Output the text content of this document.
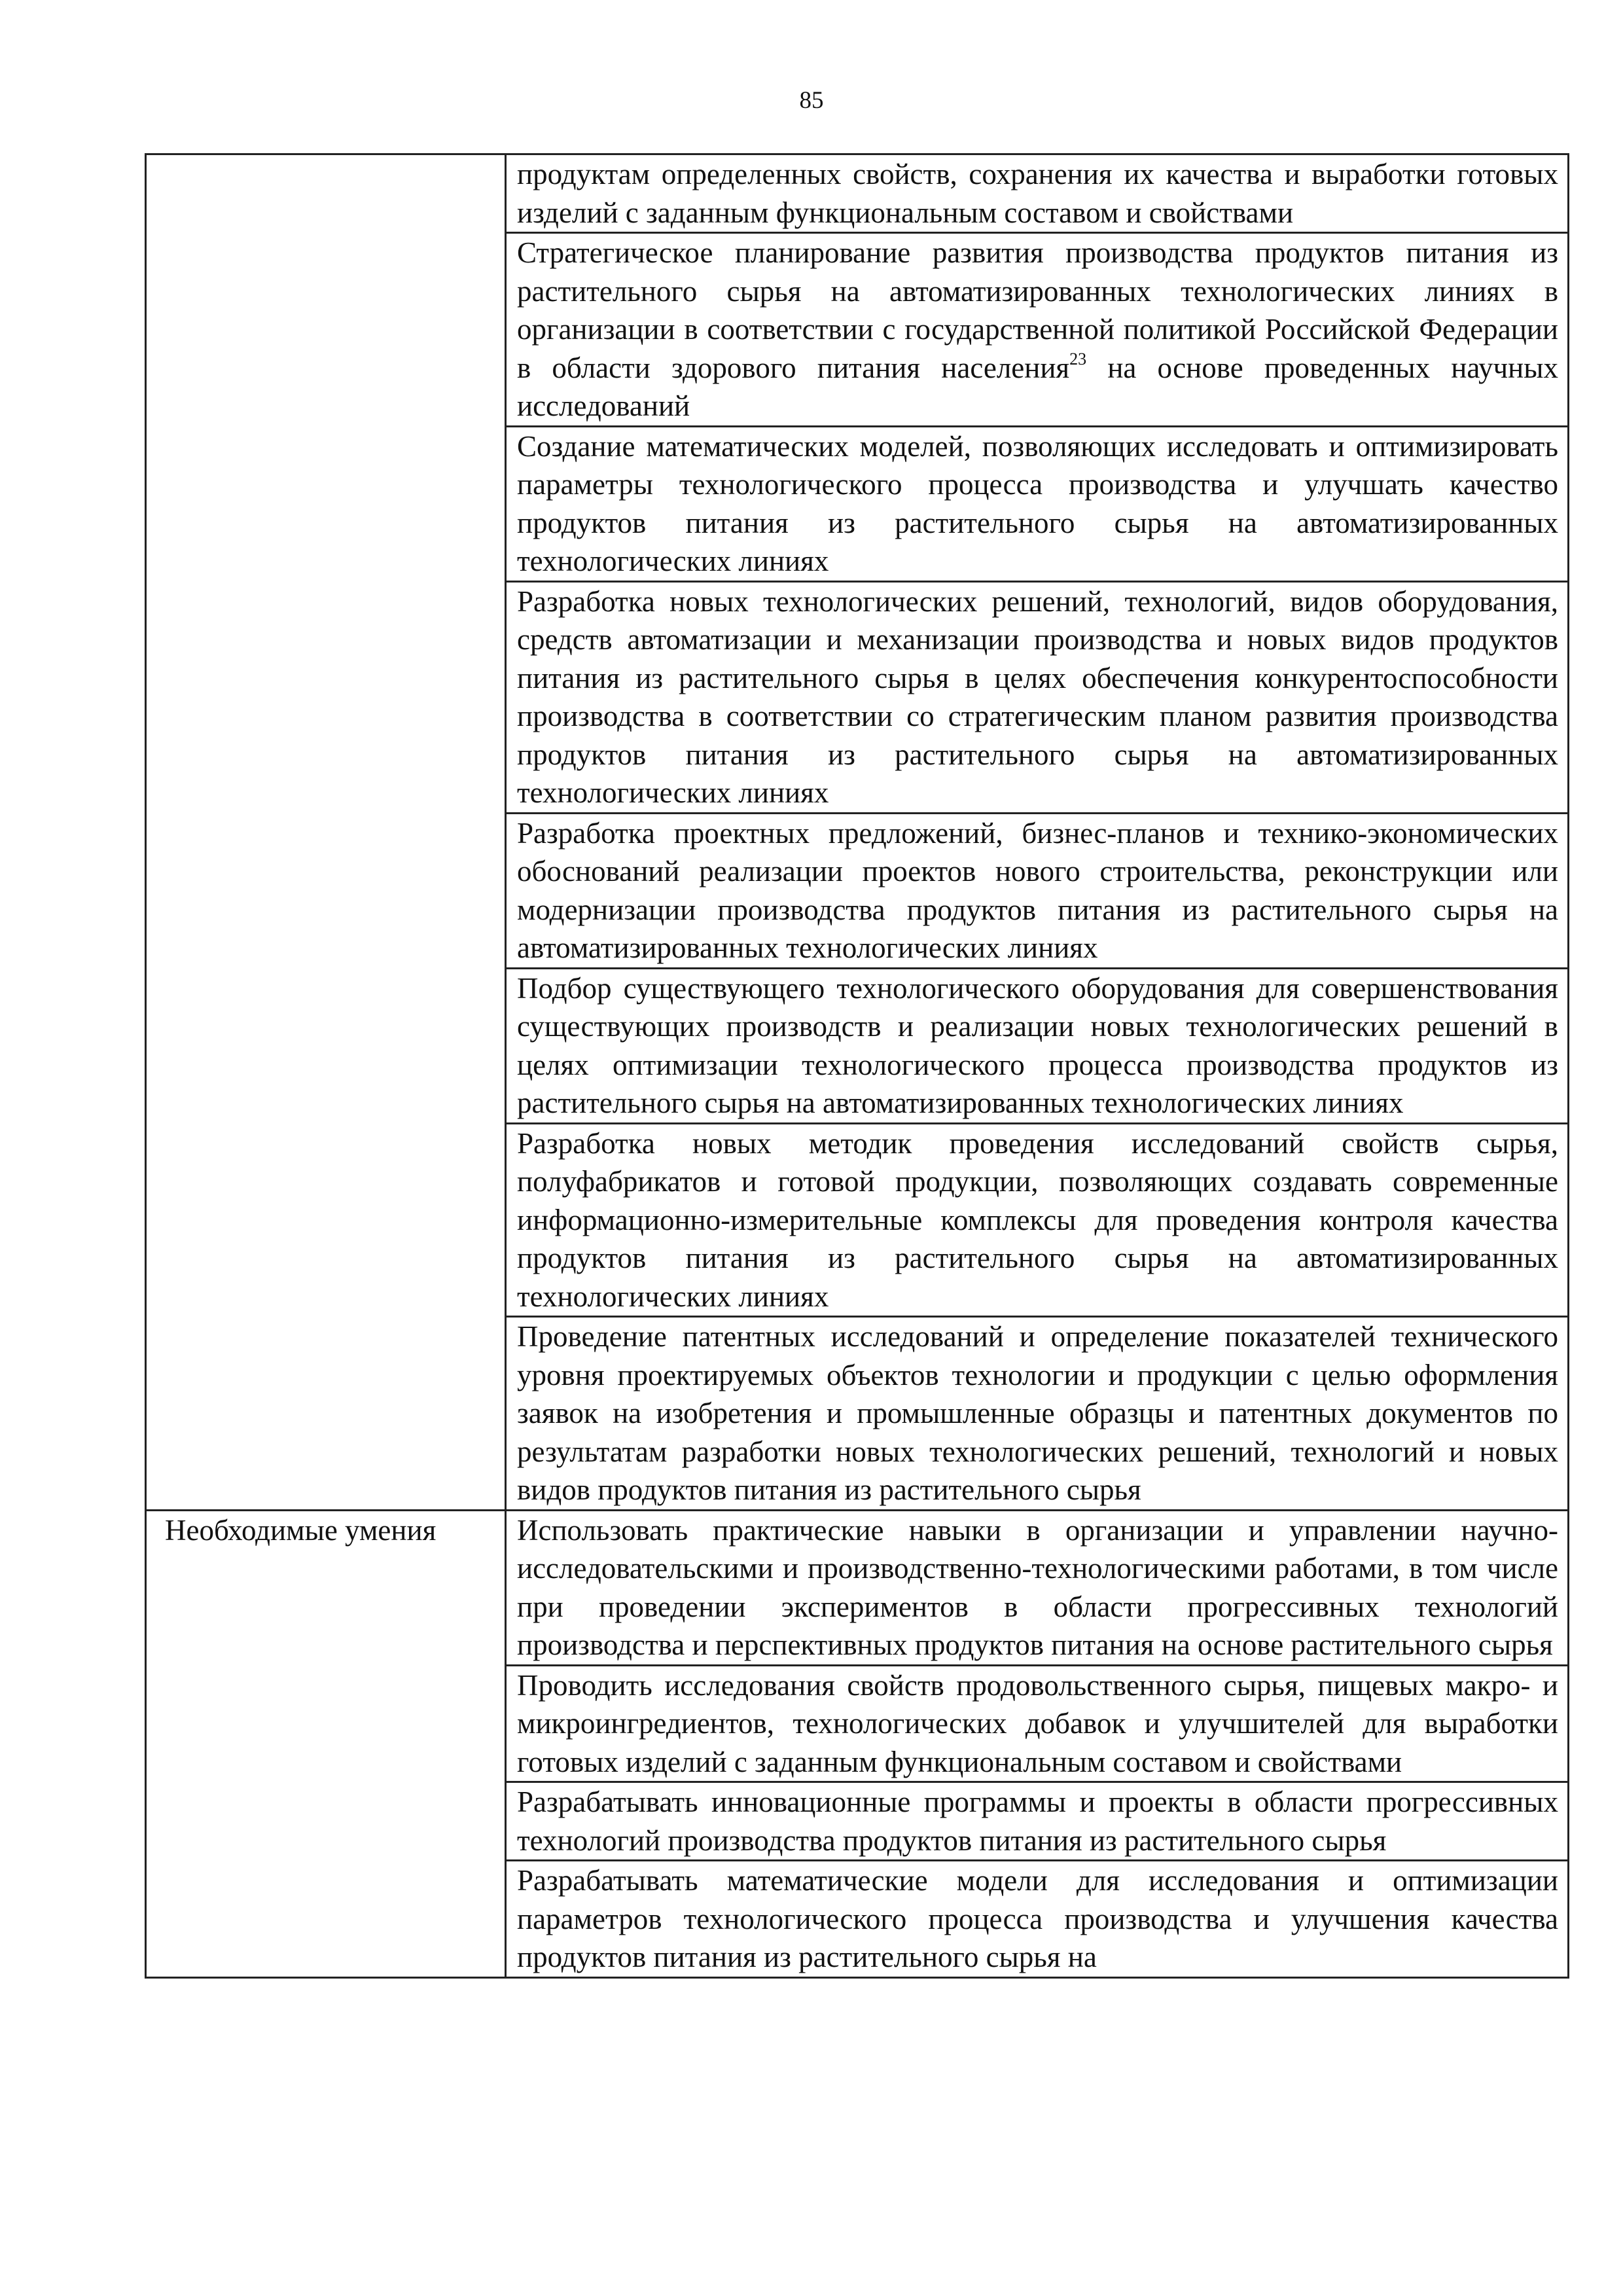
85
	продуктам определенных свойств, сохранения их качества и выработки готовых изделий с заданным функциональным составом и свойствами
	Стратегическое планирование развития производства продуктов питания из растительного сырья на автоматизированных технологических линиях в организации в соответствии с государственной политикой Российской Федерации в области здорового питания населения$^{23}$ на основе проведенных научных исследований
	Создание математических моделей, позволяющих исследовать и оптимизировать параметры технологического процесса производства и улучшать качество продуктов питания из растительного сырья на автоматизированных технологических линиях
	Разработка новых технологических решений, технологий, видов оборудования, средств автоматизации и механизации производства и новых видов продуктов питания из растительного сырья в целях обеспечения конкурентоспособности производства в соответствии со стратегическим планом развития производства продуктов питания из растительного сырья на автоматизированных технологических линиях
	Разработка проектных предложений, бизнес-планов и технико-экономических обоснований реализации проектов нового строительства, реконструкции или модернизации производства продуктов питания из растительного сырья на автоматизированных технологических линиях
	Подбор существующего технологического оборудования для совершенствования существующих производств и реализации новых технологических решений в целях оптимизации технологического процесса производства продуктов из растительного сырья на автоматизированных технологических линиях
	Разработка новых методик проведения исследований свойств сырья, полуфабрикатов и готовой продукции, позволяющих создавать современные информационно-измерительные комплексы для проведения контроля качества продуктов питания из растительного сырья на автоматизированных технологических линиях
	Проведение патентных исследований и определение показателей технического уровня проектируемых объектов технологии и продукции с целью оформления заявок на изобретения и промышленные образцы и патентных документов по результатам разработки новых технологических решений, технологий и новых видов продуктов питания из растительного сырья

Необходимые умения	Использовать практические навыки в организации и управлении научно-исследовательскими и производственно-технологическими работами, в том числе при проведении экспериментов в области прогрессивных технологий производства и перспективных продуктов питания на основе растительного сырья
	Проводить исследования свойств продовольственного сырья, пищевых макро- и микроингредиентов, технологических добавок и улучшителей для выработки готовых изделий с заданным функциональным составом и свойствами
	Разрабатывать инновационные программы и проекты в области прогрессивных технологий производства продуктов питания из растительного сырья
	Разрабатывать математические модели для исследования и оптимизации параметров технологического процесса производства и улучшения качества продуктов питания из растительного сырья на
